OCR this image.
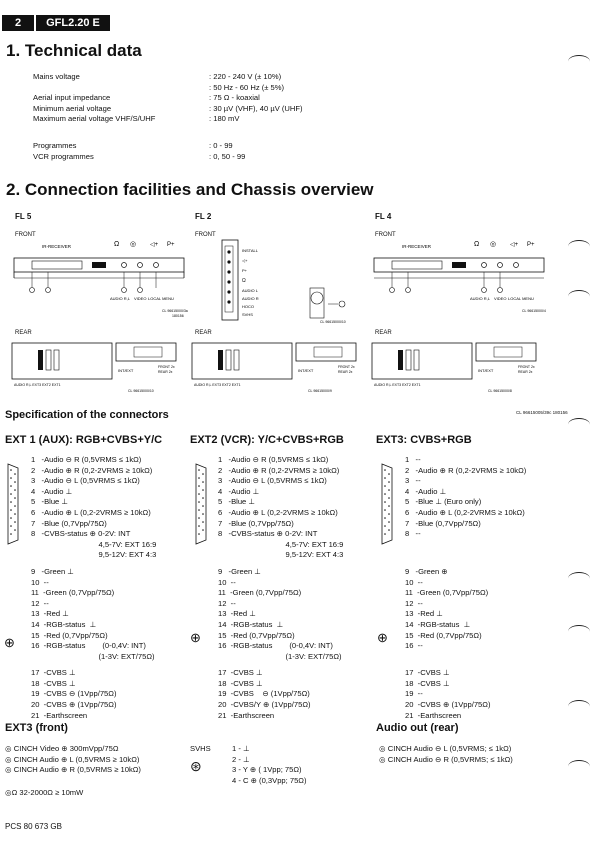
2	GFL2.20 E
1. Technical data
Mains voltage	: 220 - 240 V (± 10%)
: 50 Hz - 60 Hz (± 5%)
Aerial input impedance	: 75 Ω - koaxial
Minimum aerial voltage	: 30 µV (VHF), 40 µV (UHF)
Maximum aerial voltage VHF/S/UHF	: 180 mV
Programmes	: 0 - 99
VCR programmes	: 0, 50 - 99
2. Connection facilities and Chassis overview
FL 5	FL 2	FL 4
FRONT	FRONT	FRONT
IR-RECEIVER	Ω ◎ ◁+ P+
AUDIO R,L VIDEO LOCAL MENU
CL 96615000/3a
180156
INSTALL
◁+
P+
Ω
AUDIO L
AUDIO R
HOCO
SVHS
CL 96615000/10
IR-RECEIVER	Ω ◎ ◁+ P+
AUDIO R,L VIDEO LOCAL MENU
CL 96615000/4
REAR	REAR	REAR
INT/EXT
FRONT 2x
REAR 2x
AUDIO R,L EXT3 EXT2 EXT1
CL 96615000/10
INT/EXT
FRONT 2x
REAR 2x
AUDIO R,L EXT3 EXT2 EXT1
CL 96615000/9
INT/EXT
FRONT 2x
REAR 2x
AUDIO R,L EXT3 EXT2 EXT1
CL 96615000/8
Specification of the connectors	CL 96615005/39c 180156
EXT 1 (AUX): RGB+CVBS+Y/C	EXT2 (VCR): Y/C+CVBS+RGB	EXT3: CVBS+RGB
⊕	⊕	⊕
1   -Audio ⊖ R (0,5VRMS ≤ 1kΩ)
2   -Audio ⊕ R (0,2-2VRMS ≥ 10kΩ)
3   -Audio ⊖ L (0,5VRMS ≤ 1kΩ)
4   -Audio ⊥
5   -Blue ⊥
6   -Audio ⊕ L (0,2-2VRMS ≥ 10kΩ)
7   -Blue (0,7Vpp/75Ω)
8   -CVBS-status ⊕ 0-2V: INT
4,5-7V: EXT 16:9
9,5-12V: EXT 4:3
9   -Green ⊥
10  --
11  -Green (0,7Vpp/75Ω)
12  --
13  -Red ⊥
14  -RGB-status  ⊥
15  -Red (0,7Vpp/75Ω)
16  -RGB-status        (0-0,4V: INT)
(1-3V: EXT/75Ω)
17  -CVBS ⊥
18  -CVBS ⊥
19  -CVBS ⊖ (1Vpp/75Ω)
20  -CVBS ⊕ (1Vpp/75Ω)
21  -Earthscreen
1   -Audio ⊖ R (0,5VRMS ≤ 1kΩ)
2   -Audio ⊕ R (0,2-2VRMS ≥ 10kΩ)
3   -Audio ⊖ L (0,5VRMS ≤ 1kΩ)
4   -Audio ⊥
5   -Blue ⊥
6   -Audio ⊕ L (0,2-2VRMS ≥ 10kΩ)
7   -Blue (0,7Vpp/75Ω)
8   -CVBS-status ⊕ 0-2V: INT
4,5-7V: EXT 16:9
9,5-12V: EXT 4:3
9   -Green ⊥
10  --
11  -Green (0,7Vpp/75Ω)
12  --
13  -Red ⊥
14  -RGB-status  ⊥
15  -Red (0,7Vpp/75Ω)
16  -RGB-status        (0-0,4V: INT)
(1-3V: EXT/75Ω)
17  -CVBS ⊥
18  -CVBS ⊥
19  -CVBS    ⊖ (1Vpp/75Ω)
20  -CVBS/Y ⊕ (1Vpp/75Ω)
21  -Earthscreen
1   --
2   -Audio ⊕ R (0,2-2VRMS ≥ 10kΩ)
3   --
4   -Audio ⊥
5   -Blue ⊥ (Euro only)
6   -Audio ⊕ L (0,2-2VRMS ≥ 10kΩ)
7   -Blue (0,7Vpp/75Ω)
8   --
9   -Green ⊕
10  --
11  -Green (0,7Vpp/75Ω)
12  --
13  -Red ⊥
14  -RGB-status  ⊥
15  -Red (0,7Vpp/75Ω)
16  --
17  -CVBS ⊥
18  -CVBS ⊥
19  --
20  -CVBS ⊕ (1Vpp/75Ω)
21  -Earthscreen
EXT3 (front)
◎ CINCH Video ⊕ 300mVpp/75Ω
◎ CINCH Audio ⊕ L (0,5VRMS ≥ 10kΩ)
◎ CINCH Audio ⊕ R (0,5VRMS ≥ 10kΩ)
◎Ω 32-2000Ω ≥ 10mW
SVHS
⊛
1 - ⊥
2 - ⊥
3 - Y ⊕ ( 1Vpp; 75Ω)
4 - C ⊕ (0,3Vpp; 75Ω)
Audio out (rear)
◎ CINCH Audio ⊖ L (0,5VRMS; ≤ 1kΩ)
◎ CINCH Audio ⊖ R (0,5VRMS; ≤ 1kΩ)
PCS 80 673 GB
